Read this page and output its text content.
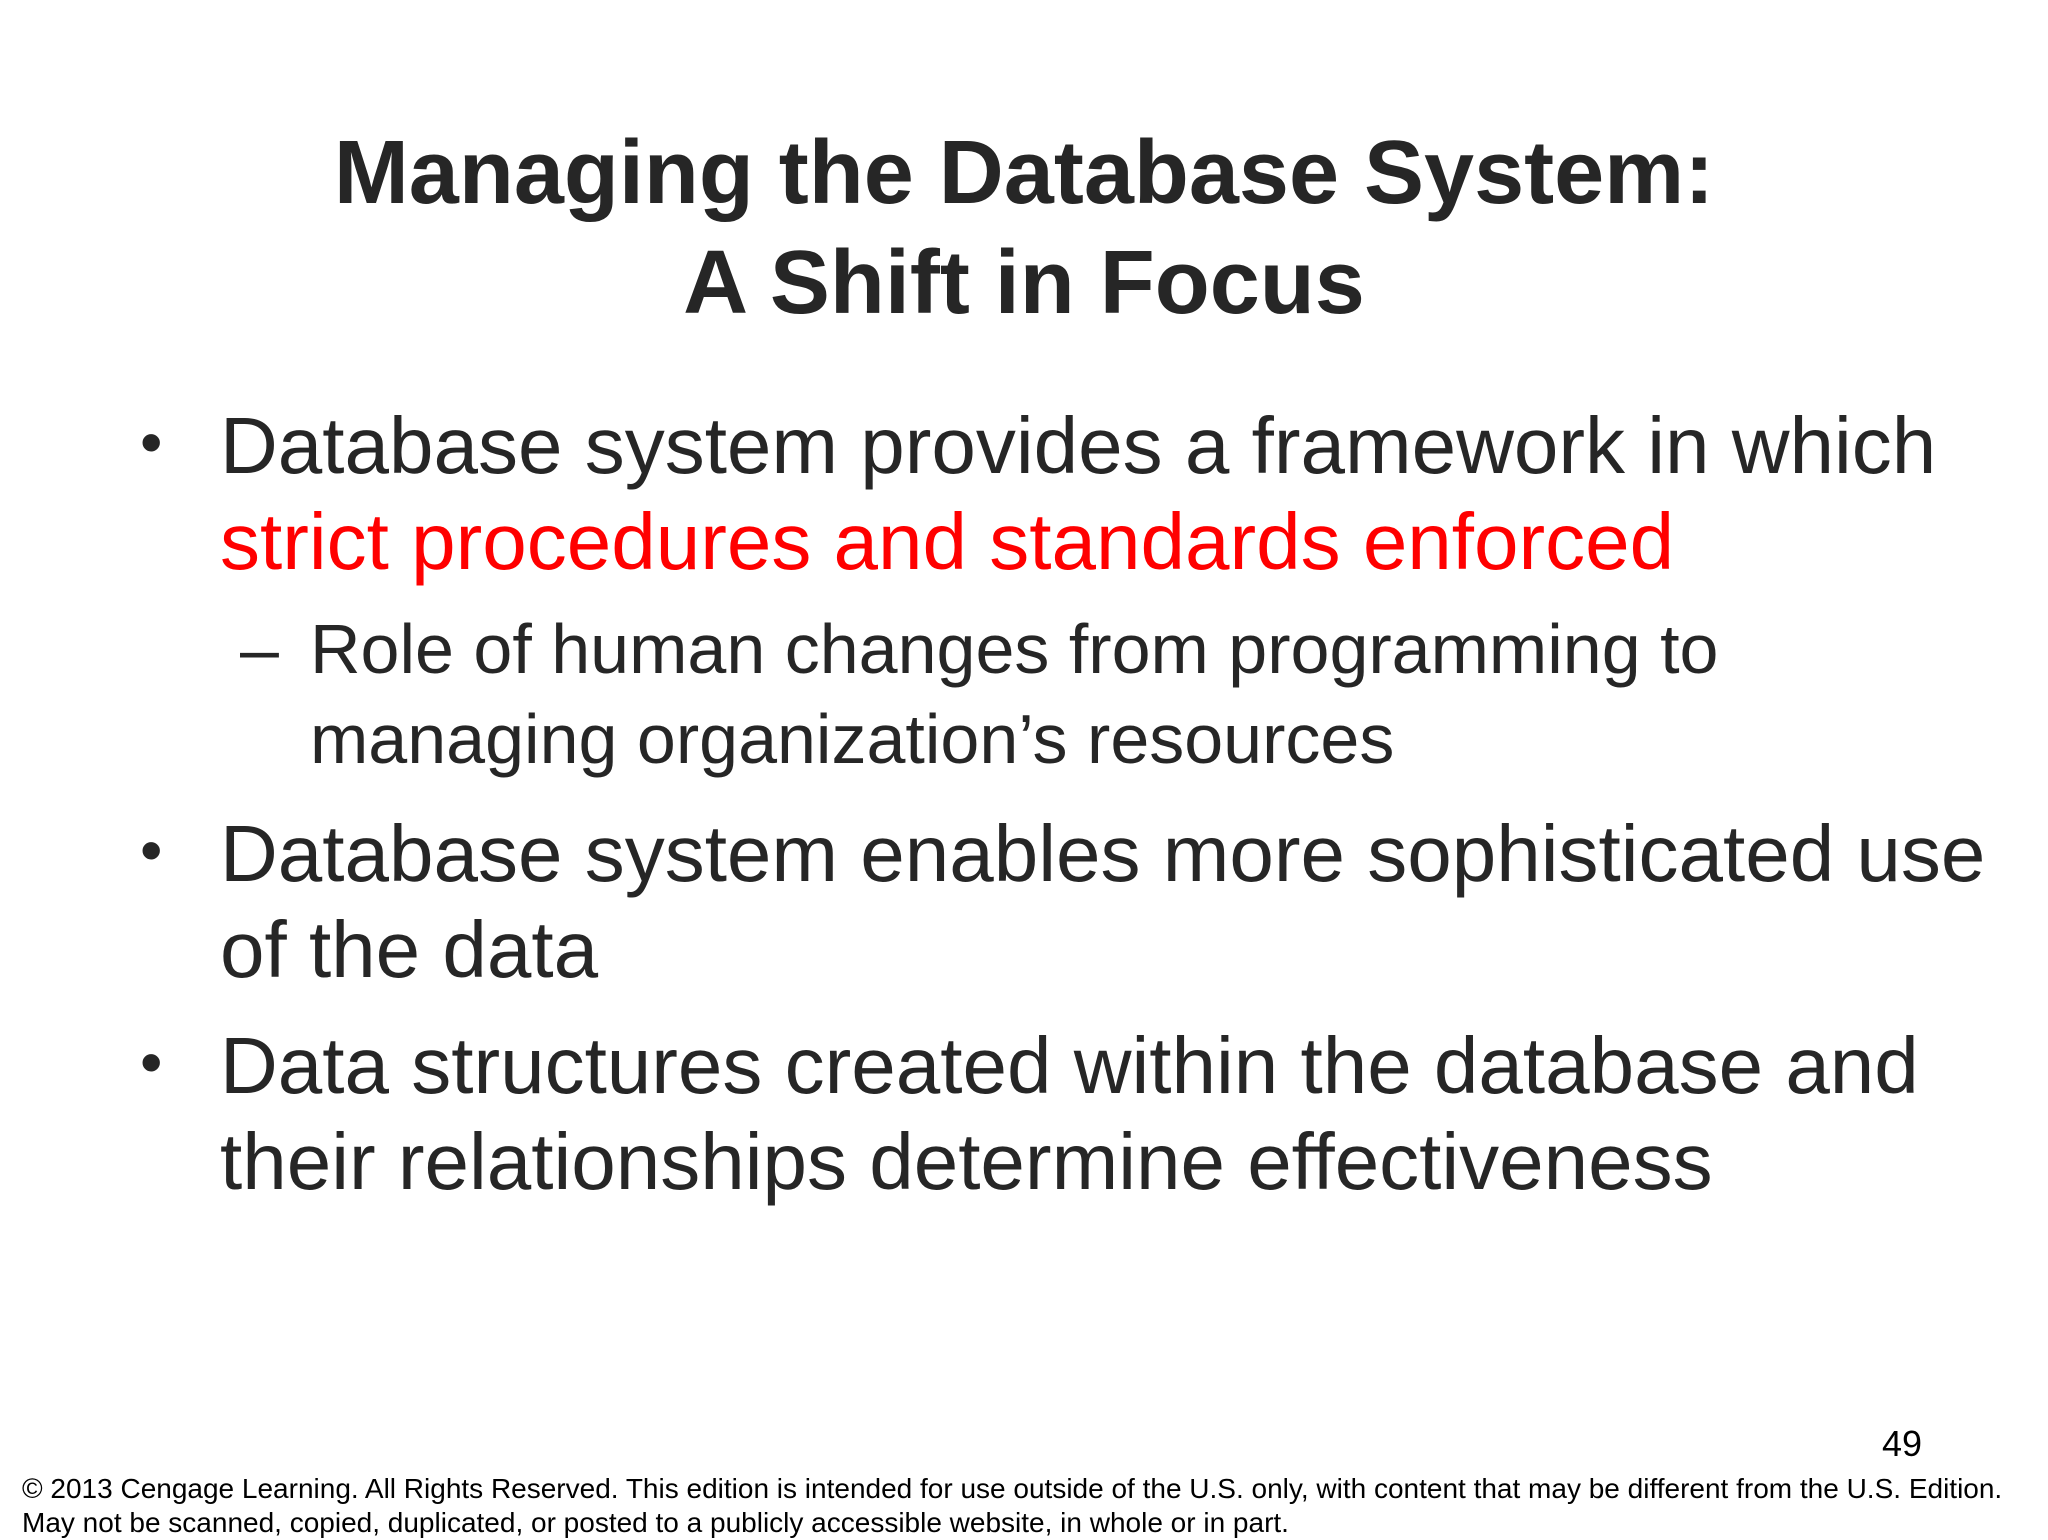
Managing the Database System:
A Shift in Focus
• Database system provides a framework in which strict procedures and standards enforced
– Role of human changes from programming to managing organization’s resources
• Database system enables more sophisticated use of the data
• Data structures created within the database and their relationships determine effectiveness
49
© 2013 Cengage Learning. All Rights Reserved. This edition is intended for use outside of the U.S. only, with content that may be different from the U.S. Edition.
May not be scanned, copied, duplicated, or posted to a publicly accessible website, in whole or in part.
